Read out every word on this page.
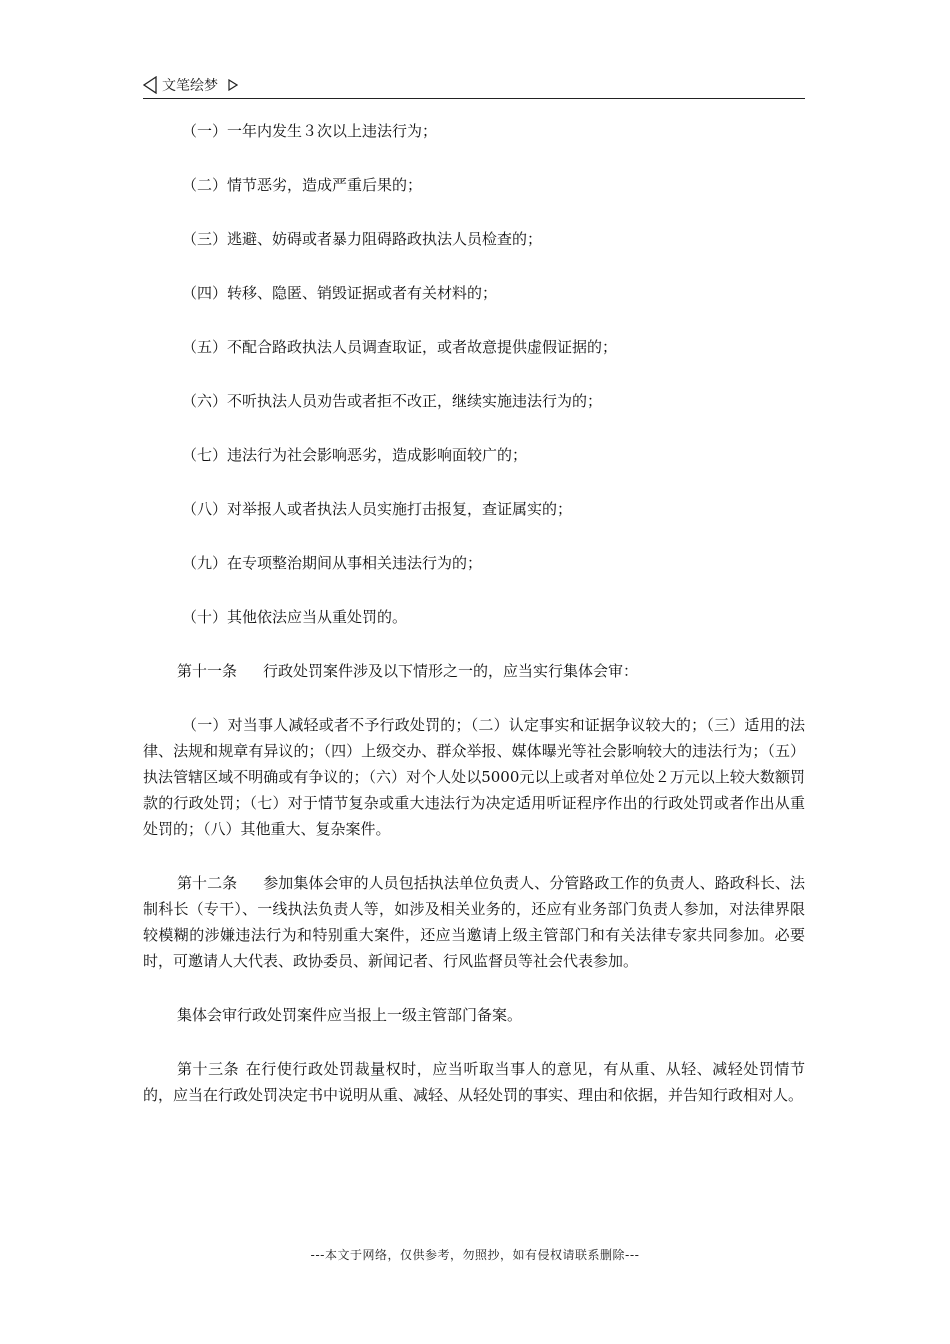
文笔绘梦

（一）一年内发生３次以上违法行为；

（二）情节恶劣，造成严重后果的；

（三）逃避、妨碍或者暴力阻碍路政执法人员检查的；

（四）转移、隐匿、销毁证据或者有关材料的；

（五）不配合路政执法人员调查取证，或者故意提供虚假证据的；

（六）不听执法人员劝告或者拒不改正，继续实施违法行为的；

（七）违法行为社会影响恶劣，造成影响面较广的；

（八）对举报人或者执法人员实施打击报复，查证属实的；

（九）在专项整治期间从事相关违法行为的；

（十）其他依法应当从重处罚的。

第十一条 行政处罚案件涉及以下情形之一的，应当实行集体会审：

（一）对当事人减轻或者不予行政处罚的；（二）认定事实和证据争议较大的；（三）适用的法律、法规和规章有异议的；（四）上级交办、群众举报、媒体曝光等社会影响较大的违法行为；（五）执法管辖区域不明确或有争议的；（六）对个人处以5000元以上或者对单位处２万元以上较大数额罚款的行政处罚；（七）对于情节复杂或重大违法行为决定适用听证程序作出的行政处罚或者作出从重处罚的；（八）其他重大、复杂案件。

第十二条 参加集体会审的人员包括执法单位负责人、分管路政工作的负责人、路政科长、法制科长（专干）、一线执法负责人等，如涉及相关业务的，还应有业务部门负责人参加，对法律界限较模糊的涉嫌违法行为和特别重大案件，还应当邀请上级主管部门和有关法律专家共同参加。必要时，可邀请人大代表、政协委员、新闻记者、行风监督员等社会代表参加。

集体会审行政处罚案件应当报上一级主管部门备案。

第十三条 在行使行政处罚裁量权时，应当听取当事人的意见，有从重、从轻、减轻处罚情节的，应当在行政处罚决定书中说明从重、减轻、从轻处罚的事实、理由和依据，并告知行政相对人。

---本文于网络，仅供参考，勿照抄，如有侵权请联系删除---
